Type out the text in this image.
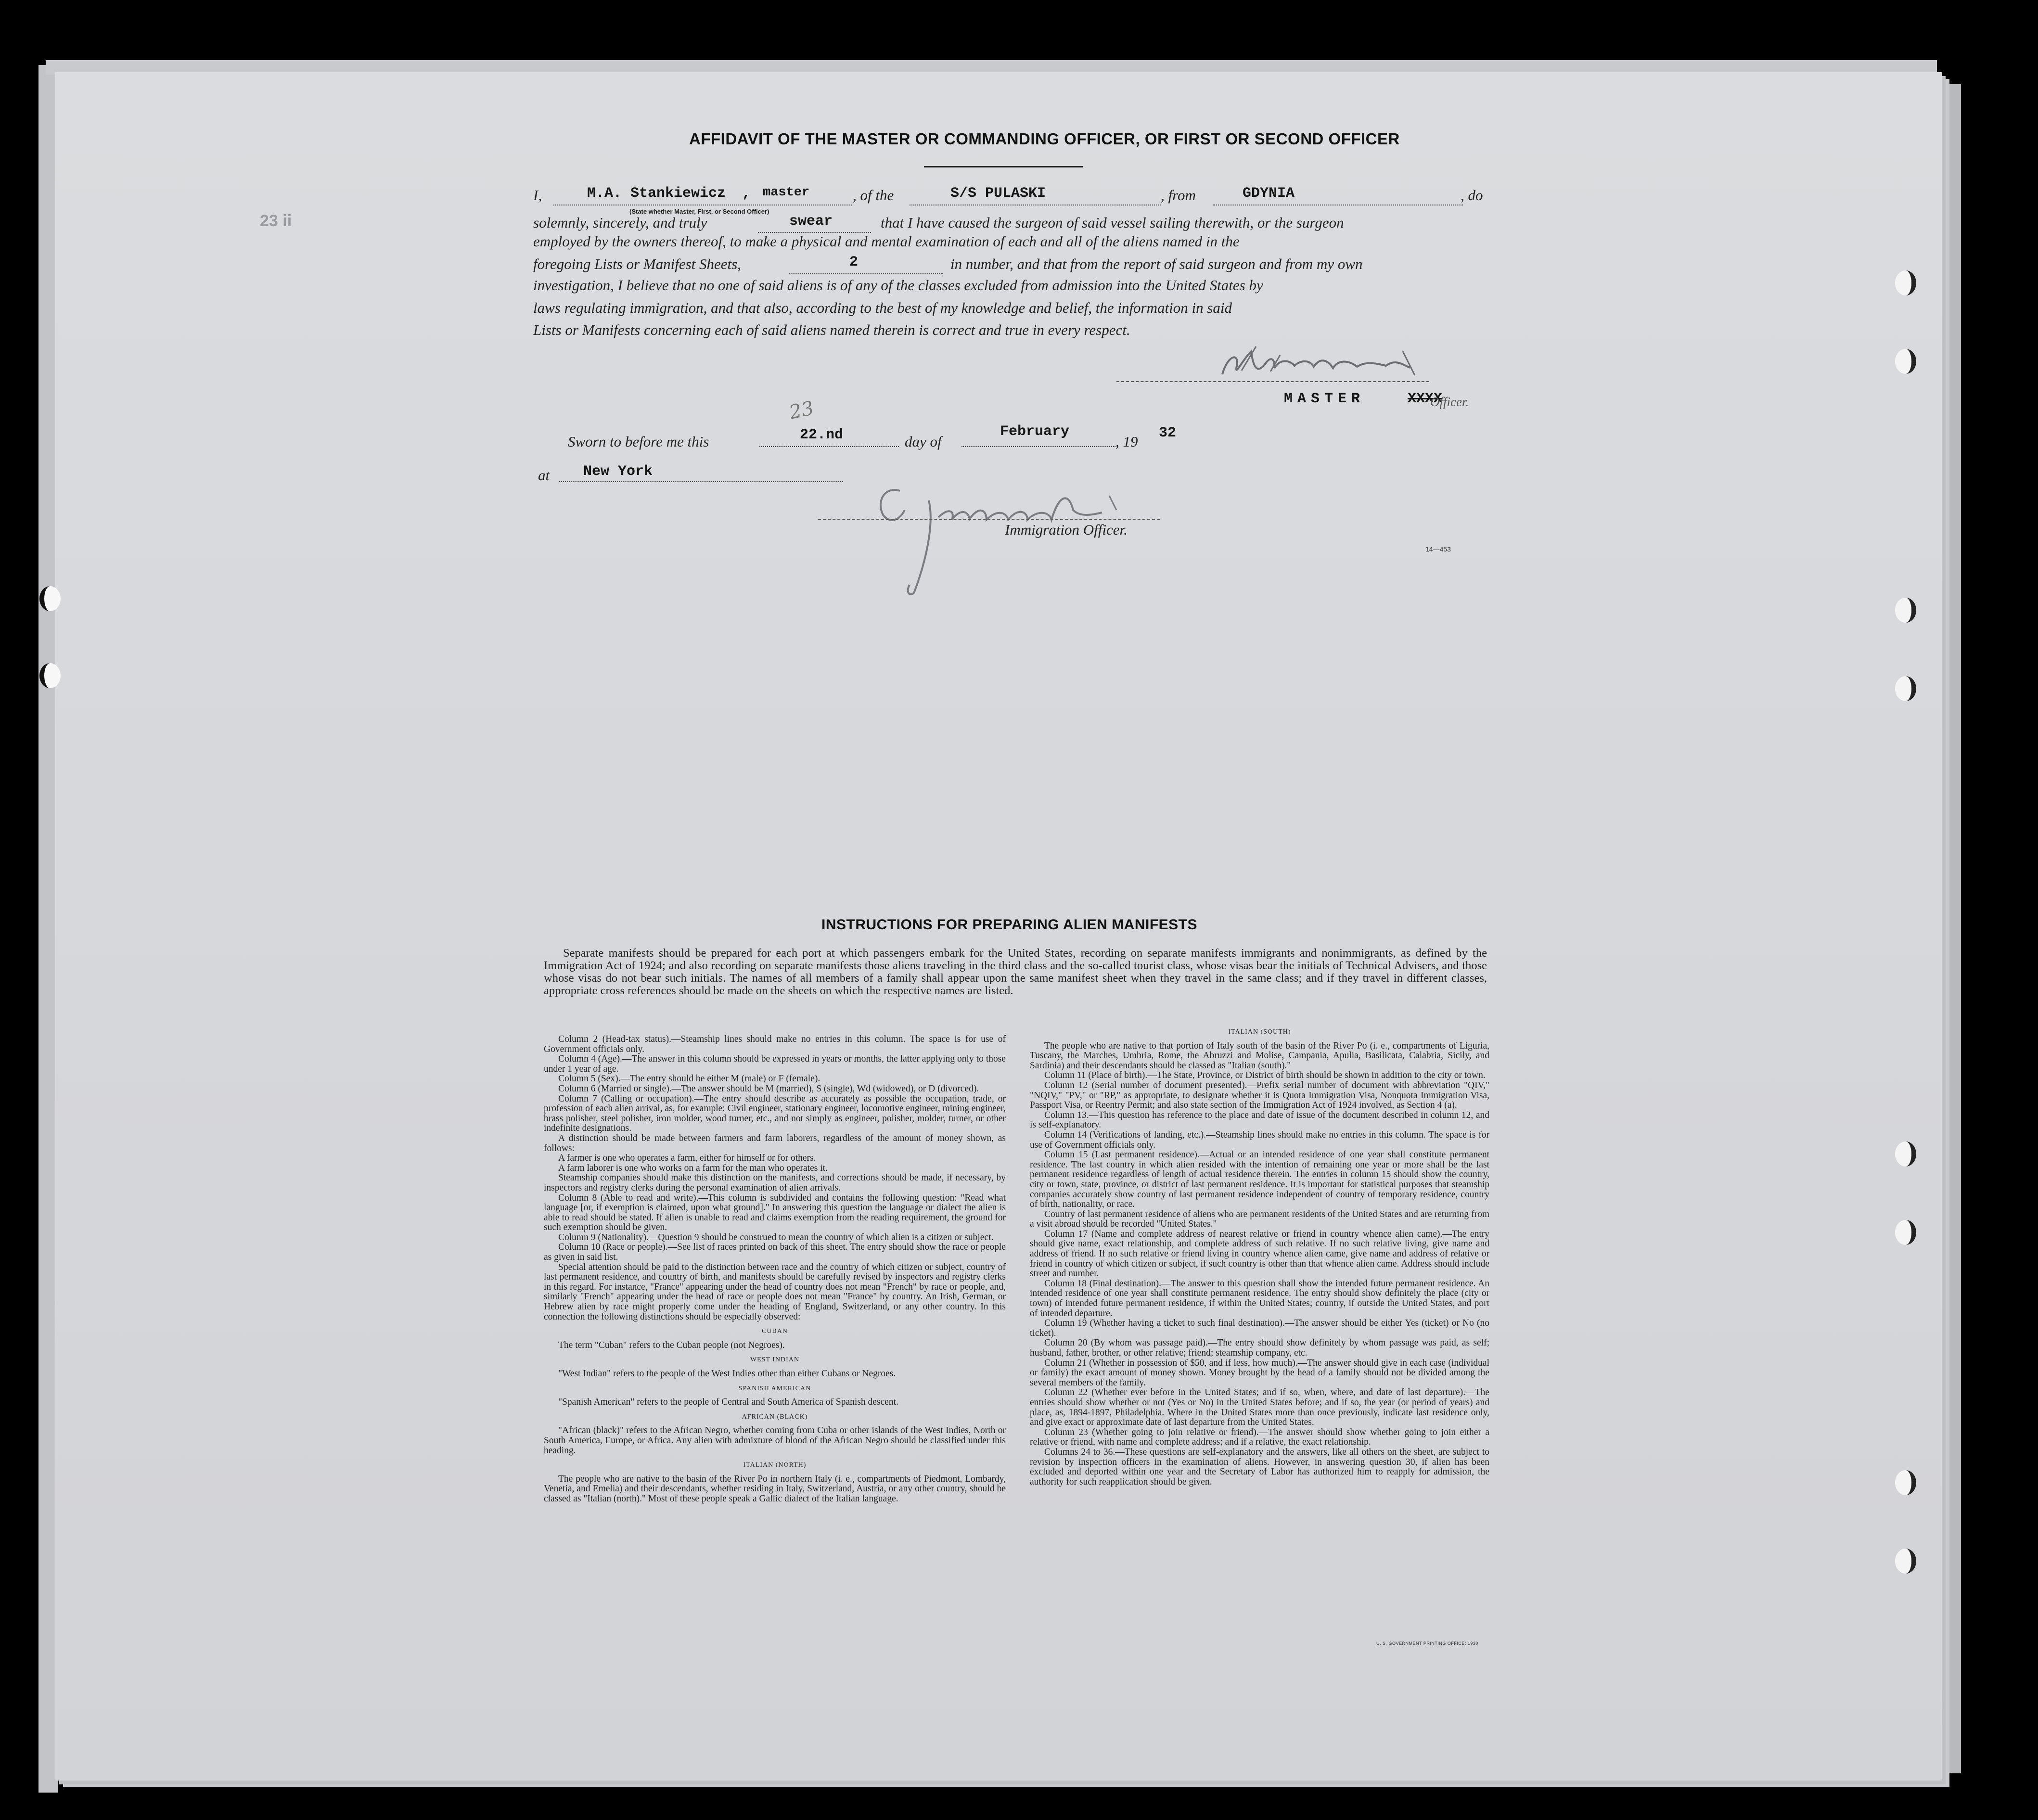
23 ii
AFFIDAVIT OF THE MASTER OR COMMANDING OFFICER, OR FIRST OR SECOND OFFICER
I,	M.A. Stankiewicz , master
(State whether Master, First, or Second Officer)
, of the	S/S PULASKI	, from	GDYNIA	, do
solemnly, sincerely, and truly	swear	that I have caused the surgeon of said vessel sailing therewith, or the surgeon
employed by the owners thereof, to make a physical and mental examination of each and all of the aliens named in the
foregoing Lists or Manifest Sheets,	2	in number, and that from the report of said surgeon and from my own
investigation, I believe that no one of said aliens is of any of the classes excluded from admission into the United States by
laws regulating immigration, and that also, according to the best of my knowledge and belief, the information in said
Lists or Manifests concerning each of said aliens named therein is correct and true in every respect.
MASTER	XXXX
Officer.
Sworn to before me this
23
22.nd	day of
February
, 19 32
at New York
Immigration Officer.
14—453
INSTRUCTIONS FOR PREPARING ALIEN MANIFESTS

Separate manifests should be prepared for each port at which passengers embark for the United States, recording on separate manifests immigrants and nonimmigrants, as defined by the Immigration Act of 1924; and also recording on separate manifests those aliens traveling in the third class and the so-called tourist class, whose visas bear the initials of Technical Advisers, and those whose visas do not bear such initials. The names of all members of a family shall appear upon the same manifest sheet when they travel in the same class; and if they travel in different classes, appropriate cross references should be made on the sheets on which the respective names are listed.

Column 2 (Head-tax status).—Steamship lines should make no entries in this column. The space is for use of Government officials only.

Column 4 (Age).—The answer in this column should be expressed in years or months, the latter applying only to those under 1 year of age.

Column 5 (Sex).—The entry should be either M (male) or F (female).

Column 6 (Married or single).—The answer should be M (married), S (single), Wd (widowed), or D (divorced).

Column 7 (Calling or occupation).—The entry should describe as accurately as possible the occupation, trade, or profession of each alien arrival, as, for example: Civil engineer, stationary engineer, locomotive engineer, mining engineer, brass polisher, steel polisher, iron molder, wood turner, etc., and not simply as engineer, polisher, molder, turner, or other indefinite designations.

A distinction should be made between farmers and farm laborers, regardless of the amount of money shown, as follows:

A farmer is one who operates a farm, either for himself or for others.

A farm laborer is one who works on a farm for the man who operates it.

Steamship companies should make this distinction on the manifests, and corrections should be made, if necessary, by inspectors and registry clerks during the personal examination of alien arrivals.

Column 8 (Able to read and write).—This column is subdivided and contains the following question: "Read what language [or, if exemption is claimed, upon what ground]." In answering this question the language or dialect the alien is able to read should be stated. If alien is unable to read and claims exemption from the reading requirement, the ground for such exemption should be given.

Column 9 (Nationality).—Question 9 should be construed to mean the country of which alien is a citizen or subject.

Column 10 (Race or people).—See list of races printed on back of this sheet. The entry should show the race or people as given in said list.

Special attention should be paid to the distinction between race and the country of which citizen or subject, country of last permanent residence, and country of birth, and manifests should be carefully revised by inspectors and registry clerks in this regard. For instance, "France" appearing under the head of country does not mean "French" by race or people, and, similarly "French" appearing under the head of race or people does not mean "France" by country. An Irish, German, or Hebrew alien by race might properly come under the heading of England, Switzerland, or any other country. In this connection the following distinctions should be especially observed:

CUBAN

The term "Cuban" refers to the Cuban people (not Negroes).

WEST INDIAN

"West Indian" refers to the people of the West Indies other than either Cubans or Negroes.

SPANISH AMERICAN

"Spanish American" refers to the people of Central and South America of Spanish descent.

AFRICAN (BLACK)

"African (black)" refers to the African Negro, whether coming from Cuba or other islands of the West Indies, North or South America, Europe, or Africa. Any alien with admixture of blood of the African Negro should be classified under this heading.

ITALIAN (NORTH)

The people who are native to the basin of the River Po in northern Italy (i. e., compartments of Piedmont, Lombardy, Venetia, and Emelia) and their descendants, whether residing in Italy, Switzerland, Austria, or any other country, should be classed as "Italian (north)." Most of these people speak a Gallic dialect of the Italian language.

ITALIAN (SOUTH)

The people who are native to that portion of Italy south of the basin of the River Po (i. e., compartments of Liguria, Tuscany, the Marches, Umbria, Rome, the Abruzzi and Molise, Campania, Apulia, Basilicata, Calabria, Sicily, and Sardinia) and their descendants should be classed as "Italian (south)."

Column 11 (Place of birth).—The State, Province, or District of birth should be shown in addition to the city or town.

Column 12 (Serial number of document presented).—Prefix serial number of document with abbreviation "QIV," "NQIV," "PV," or "RP," as appropriate, to designate whether it is Quota Immigration Visa, Nonquota Immigration Visa, Passport Visa, or Reentry Permit; and also state section of the Immigration Act of 1924 involved, as Section 4 (a).

Column 13.—This question has reference to the place and date of issue of the document described in column 12, and is self-explanatory.

Column 14 (Verifications of landing, etc.).—Steamship lines should make no entries in this column. The space is for use of Government officials only.

Column 15 (Last permanent residence).—Actual or an intended residence of one year shall constitute permanent residence. The last country in which alien resided with the intention of remaining one year or more shall be the last permanent residence regardless of length of actual residence therein. The entries in column 15 should show the country, city or town, state, province, or district of last permanent residence. It is important for statistical purposes that steamship companies accurately show country of last permanent residence independent of country of temporary residence, country of birth, nationality, or race.

Country of last permanent residence of aliens who are permanent residents of the United States and are returning from a visit abroad should be recorded "United States."

Column 17 (Name and complete address of nearest relative or friend in country whence alien came).—The entry should give name, exact relationship, and complete address of such relative. If no such relative living, give name and address of friend. If no such relative or friend living in country whence alien came, give name and address of relative or friend in country of which citizen or subject, if such country is other than that whence alien came. Address should include street and number.

Column 18 (Final destination).—The answer to this question shall show the intended future permanent residence. An intended residence of one year shall constitute permanent residence. The entry should show definitely the place (city or town) of intended future permanent residence, if within the United States; country, if outside the United States, and port of intended departure.

Column 19 (Whether having a ticket to such final destination).—The answer should be either Yes (ticket) or No (no ticket).

Column 20 (By whom was passage paid).—The entry should show definitely by whom passage was paid, as self; husband, father, brother, or other relative; friend; steamship company, etc.

Column 21 (Whether in possession of $50, and if less, how much).—The answer should give in each case (individual or family) the exact amount of money shown. Money brought by the head of a family should not be divided among the several members of the family.

Column 22 (Whether ever before in the United States; and if so, when, where, and date of last departure).—The entries should show whether or not (Yes or No) in the United States before; and if so, the year (or period of years) and place, as, 1894-1897, Philadelphia. Where in the United States more than once previously, indicate last residence only, and give exact or approximate date of last departure from the United States.

Column 23 (Whether going to join relative or friend).—The answer should show whether going to join either a relative or friend, with name and complete address; and if a relative, the exact relationship.

Columns 24 to 36.—These questions are self-explanatory and the answers, like all others on the sheet, are subject to revision by inspection officers in the examination of aliens. However, in answering question 30, if alien has been excluded and deported within one year and the Secretary of Labor has authorized him to reapply for admission, the authority for such reapplication should be given.

U. S. GOVERNMENT PRINTING OFFICE: 1930
